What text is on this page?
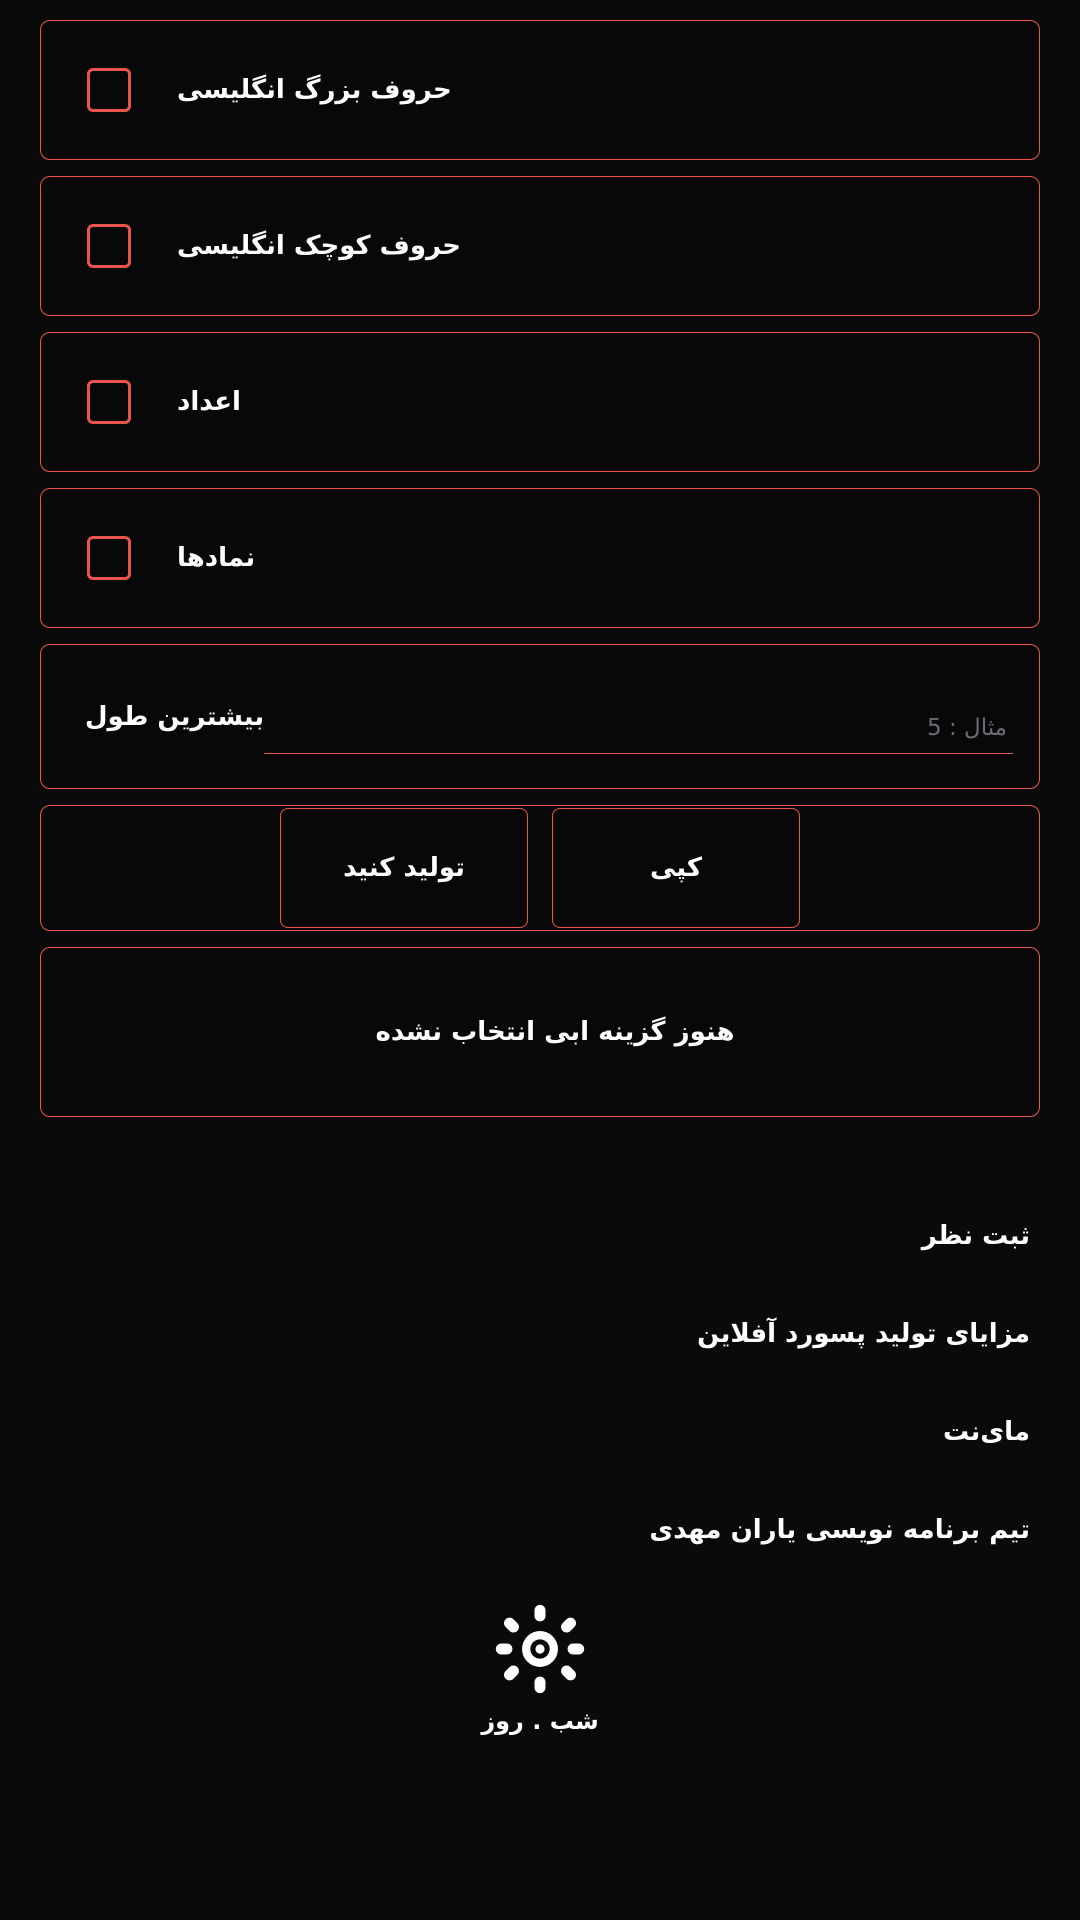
حروف بزرگ انگلیسی
حروف کوچک انگلیسی
اعداد
نمادها
مثال : 5
بیشترین طول
کپی
تولید کنید
هنوز گزینه ابی انتخاب نشده
ثبت نظر
مزایای تولید پسورد آفلاین
مای‌نت
تیم برنامه نویسی یاران مهدی
شب . روز
